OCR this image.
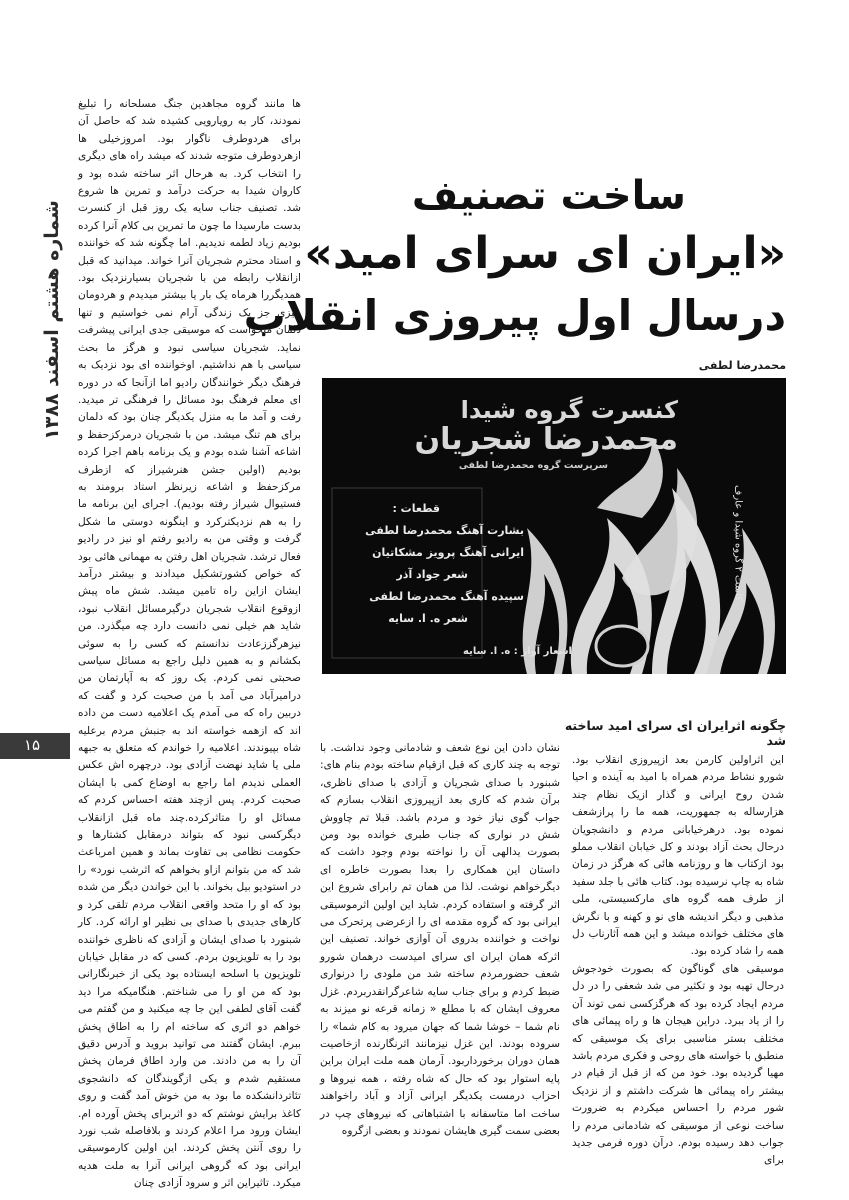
شماره هشتم اسفند ۱۳۸۸
۱۵

ها مانند گروه مجاهدین جنگ مسلحانه را تبلیغ نمودند، کار به رویارویی کشیده شد که حاصل آن برای هردوطرف ناگوار بود. امروزخیلی ها ازهردوطرف متوجه شدند که میشد راه های دیگری را انتخاب کرد. به هرحال اثر ساخته شده بود و کاروان شیدا به حرکت درآمد و تمرین ها شروع شد. تصنیف جناب سایه یک روز قبل از کنسرت بدست مارسیدا ما چون ما تمرین بی کلام آنرا کرده بودیم زیاد لطمه ندیدیم. اما چگونه شد که خواننده و استاد محترم شجریان آنرا خواند. میدانید که قبل ازانقلاب رابطه من با شجریان بسیارنزدیک بود. همدیگررا هرماه یک بار یا بیشتر میدیدم و هردومان چیزی جز یک زندگی آرام نمی خواستیم و تنها دلمان میخواست که موسیقی جدی ایرانی پیشرفت نماید. شجریان سیاسی نبود و هرگز ما بحث سیاسی با هم نداشتیم. اوخواننده ای بود نزدیک به فرهنگ دیگر خوانندگان رادیو اما ازآنجا که در دوره ای معلم فرهنگ بود مسائل را فرهنگی تر میدید. رفت و آمد ما به منزل یکدیگر چنان بود که دلمان برای هم تنگ میشد. من با شجریان درمرکزحفظ و اشاعه آشنا شده بودم و یک برنامه باهم اجرا کرده بودیم (اولین جشن هنرشیراز که ازطرف مرکزحفظ و اشاعه زیرنظر استاد برومند به فستیوال شیراز رفته بودیم). اجرای این برنامه ما را به هم نزدیکترکرد و اینگونه دوستی ما شکل گرفت و وقتی من به رادیو رفتم او نیز در رادیو فعال ترشد. شجریان اهل رفتن به مهمانی هائی بود که خواص کشورتشکیل میدادند و بیشتر درآمد ایشان ازاین راه تامین میشد. شش ماه پیش ازوقوع انقلاب شجریان درگیرمسائل انقلاب نبود، شاید هم خیلی نمی دانست دارد چه میگذرد. من نیزهرگززعادت ندانستم که کسی را به سوئی بکشانم و به همین دلیل راجع به مسائل سیاسی صحبتی نمی کردم. یک روز که به آپارتمان من درامیرآباد می آمد با من صحبت کرد و گفت که دربین راه که می آمدم یک اعلامیه دست من داده اند که ازهمه خواسته اند به جنبش مردم برعلیه شاه بپیوندند. اعلامیه را خواندم که متعلق به جبهه ملی یا شاید نهضت آزادی بود. درچهره اش عکس العملی ندیدم اما راجع به اوضاع کمی با ایشان صحبت کردم. پس ازچند هفته احساس کردم که مسائل او را متاثرکرده.چند ماه قبل ازانقلاب دیگرکسی نبود که بتواند درمقابل کشتارها و حکومت نظامی بی تفاوت بماند و همین امرباعث شد که من بتوانم ازاو بخواهم که اثرشب نورد» را در استودیو بیل بخواند. با این خواندن دیگر من شده بود که او را متحد واقعی انقلاب مردم تلقی کرد و کارهای جدیدی با صدای بی نظیر او ارائه کرد. کار شبنورد با صدای ایشان و آزادی که ناظری خواننده بود را به تلویزیون بردم. کسی که در مقابل خیابان تلویزیون با اسلحه ایستاده بود یکی از خبرنگارانی بود که من او را می شناختم. هنگامیکه مرا دید گفت آقای لطفی این جا چه میکنید و من گفتم می خواهم دو اثری که ساخته ام را به اطاق پخش ببرم. ایشان گفتند می توانید بروید و آدرس دقیق آن را به من دادند. من وارد اطاق فرمان پخش مستقیم شدم و یکی ازگویندگان که دانشجوی تئاتردانشکده ما بود به من خوش آمد گفت و روی کاغذ برایش نوشتم که دو اثربرای پخش آورده ام. ایشان ورود مرا اعلام کردند و بلافاصله شب نورد را روی آنتن پخش کردند. این اولین کارموسیقی ایرانی بود که گروهی ایرانی آنرا به ملت هدیه میکرد. تاثیراین اثر و سرود آزادی چنان

ساخت تصنیف
«ایران ای سرای امید»
درسال اول پیروزی انقلاب
محمدرضا لطفی
کنسرت گروه شیدا
محمدرضا شجریان
سرپرست گروه محمدرضا لطفی
قطعات :
بشارت آهنگ محمدرضا لطفی
ایرانی آهنگ پرویز مشکاتیان
شعر جواد آذر
سپیده آهنگ محمدرضا لطفی
شعر ه. ا. سایه
اشعار آواز : ه. ا. سایه
کاست ۲ گروه شیدا و عارف
چگونه اثرایران ای سرای امید ساخته شد

نشان دادن این نوع شعف و شادمانی وجود نداشت. با توجه به چند کاری که قبل ازقیام ساخته بودم بنام های: شبنورد با صدای شجریان و آزادی با صدای ناظری، برآن شدم که کاری بعد ازپیروزی انقلاب بسازم که جواب گوی نیاز خود و مردم باشد. قبلا تم چاووش شش در نواری که جناب طبری خوانده بود ومن بصورت یدالهی آن را نواخته بودم وجود داشت که داستان این همکاری را بعدا بصورت خاطره ای دیگرخواهم نوشت. لذا من همان تم رابرای شروع این اثر گرفته و استفاده کردم. شاید این اولین اثرموسیقی ایرانی بود که گروه مقدمه ای را ازعرضی پرتحرک می نواخت و خواننده بدروی آن آوازی خواند. تصنیف این اثرکه همان ایران ای سرای امیدست درهمان شورو شعف حضورمردم ساخته شد من ملودی را درنواری ضبط کردم و برای جناب سایه شاعرگرانقدربردم. غزل معروف ایشان که با مطلع « زمانه قرعه نو میزند به نام شما – خوشا شما که جهان میرود به کام شما» را سروده بودند. این غزل نیزمانند اثرنگارنده ازخاصیت همان دوران برخورداربود. آرمان همه ملت ایران براین پایه استوار بود که حال که شاه رفته ، همه نیروها و احزاب درمست یکدیگر ایرانی آزاد و آباد راخواهند ساخت اما متاسفانه با اشتباهاتی که نیروهای چپ در بعضی سمت گیری هایشان نمودند و بعضی ازگروه

این اثراولین کارمن بعد ازپیروزی انقلاب بود. شورو نشاط مردم همراه با امید به آینده و احیا شدن روح ایرانی و گذار ازیک نظام چند هزارساله به جمهوریت، همه ما را پرازشعف نموده بود. درهرخیابانی مردم و دانشجویان درحال بحث آزاد بودند و کل خیابان انقلاب مملو بود ازکتاب ها و روزنامه هائی که هرگز در زمان شاه به چاپ نرسیده بود. کتاب هائی با جلد سفید از طرف همه گروه های مارکسیستی، ملی مذهبی و دیگر اندیشه های نو و کهنه و با نگرش های مختلف خوانده میشد و این همه آثارناب دل همه را شاد کرده بود.

موسیقی های گوناگون که بصورت خودجوش درحال تهیه بود و تکثیر می شد شعفی را در دل مردم ایجاد کرده بود که هرگزکسی نمی توند آن را از یاد ببرد. دراین هیجان ها و راه پیمائی های مختلف بستر مناسبی برای یک موسیقی که منطبق با خواسته های روحی و فکری مردم باشد مهیا گردیده بود. خود من که از قبل از قیام در بیشتر راه پیمائی ها شرکت داشتم و از نزدیک شور مردم را احساس میکردم به ضرورت ساخت نوعی از موسیقی که شادمانی مردم را جواب دهد رسیده بودم. درآن دوره فرمی جدید برای
